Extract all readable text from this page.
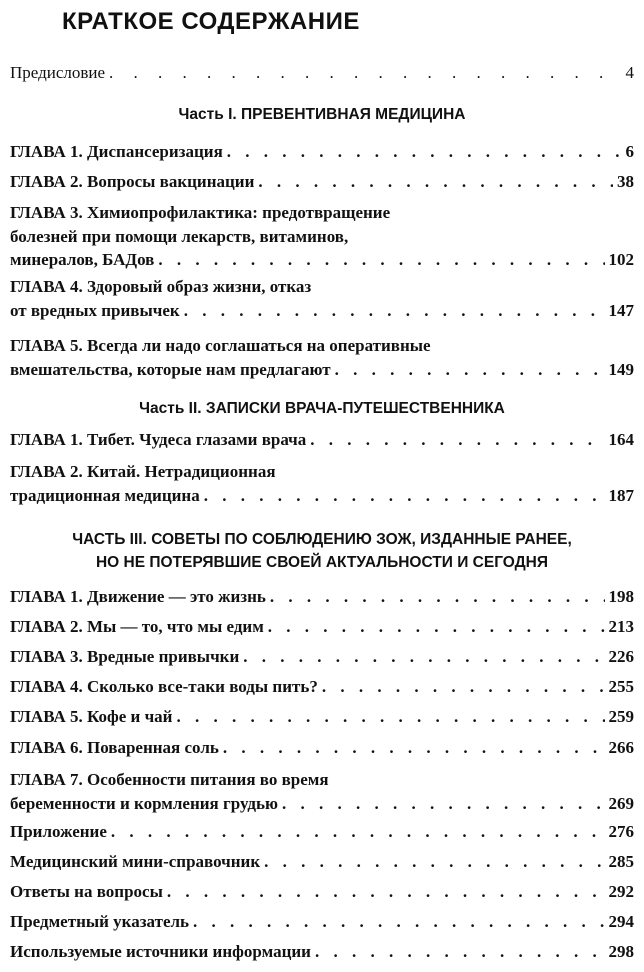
КРАТКОЕ СОДЕРЖАНИЕ
Предисловие . . .	4
Часть I. ПРЕВЕНТИВНАЯ МЕДИЦИНА
ГЛАВА 1. Диспансеризация . . .	6
ГЛАВА 2. Вопросы вакцинации . . .	38
ГЛАВА 3. Химиопрофилактика: предотвращение
болезней при помощи лекарств, витаминов,
минералов, БАДов . . .	102
ГЛАВА 4. Здоровый образ жизни, отказ
от вредных привычек . . .	147
ГЛАВА 5. Всегда ли надо соглашаться на оперативные
вмешательства, которые нам предлагают . . .	149
Часть II. ЗАПИСКИ ВРАЧА-ПУТЕШЕСТВЕННИКА
ГЛАВА 1. Тибет. Чудеса глазами врача . . .	164
ГЛАВА 2. Китай. Нетрадиционная
традиционная медицина . . .	187
ЧАСТЬ III. СОВЕТЫ ПО СОБЛЮДЕНИЮ ЗОЖ, ИЗДАННЫЕ РАНЕЕ,
НО НЕ ПОТЕРЯВШИЕ СВОЕЙ АКТУАЛЬНОСТИ И СЕГОДНЯ
ГЛАВА 1. Движение — это жизнь . . .	198
ГЛАВА 2. Мы — то, что мы едим . . .	213
ГЛАВА 3. Вредные привычки . . .	226
ГЛАВА 4. Сколько все-таки воды пить? . . .	255
ГЛАВА 5. Кофе и чай . . .	259
ГЛАВА 6. Поваренная соль . . .	266
ГЛАВА 7. Особенности питания во время
беременности и кормления грудью . . .	269
Приложение . . .	276
Медицинский мини-справочник . . .	285
Ответы на вопросы . . .	292
Предметный указатель . . .	294
Используемые источники информации . . .	298
